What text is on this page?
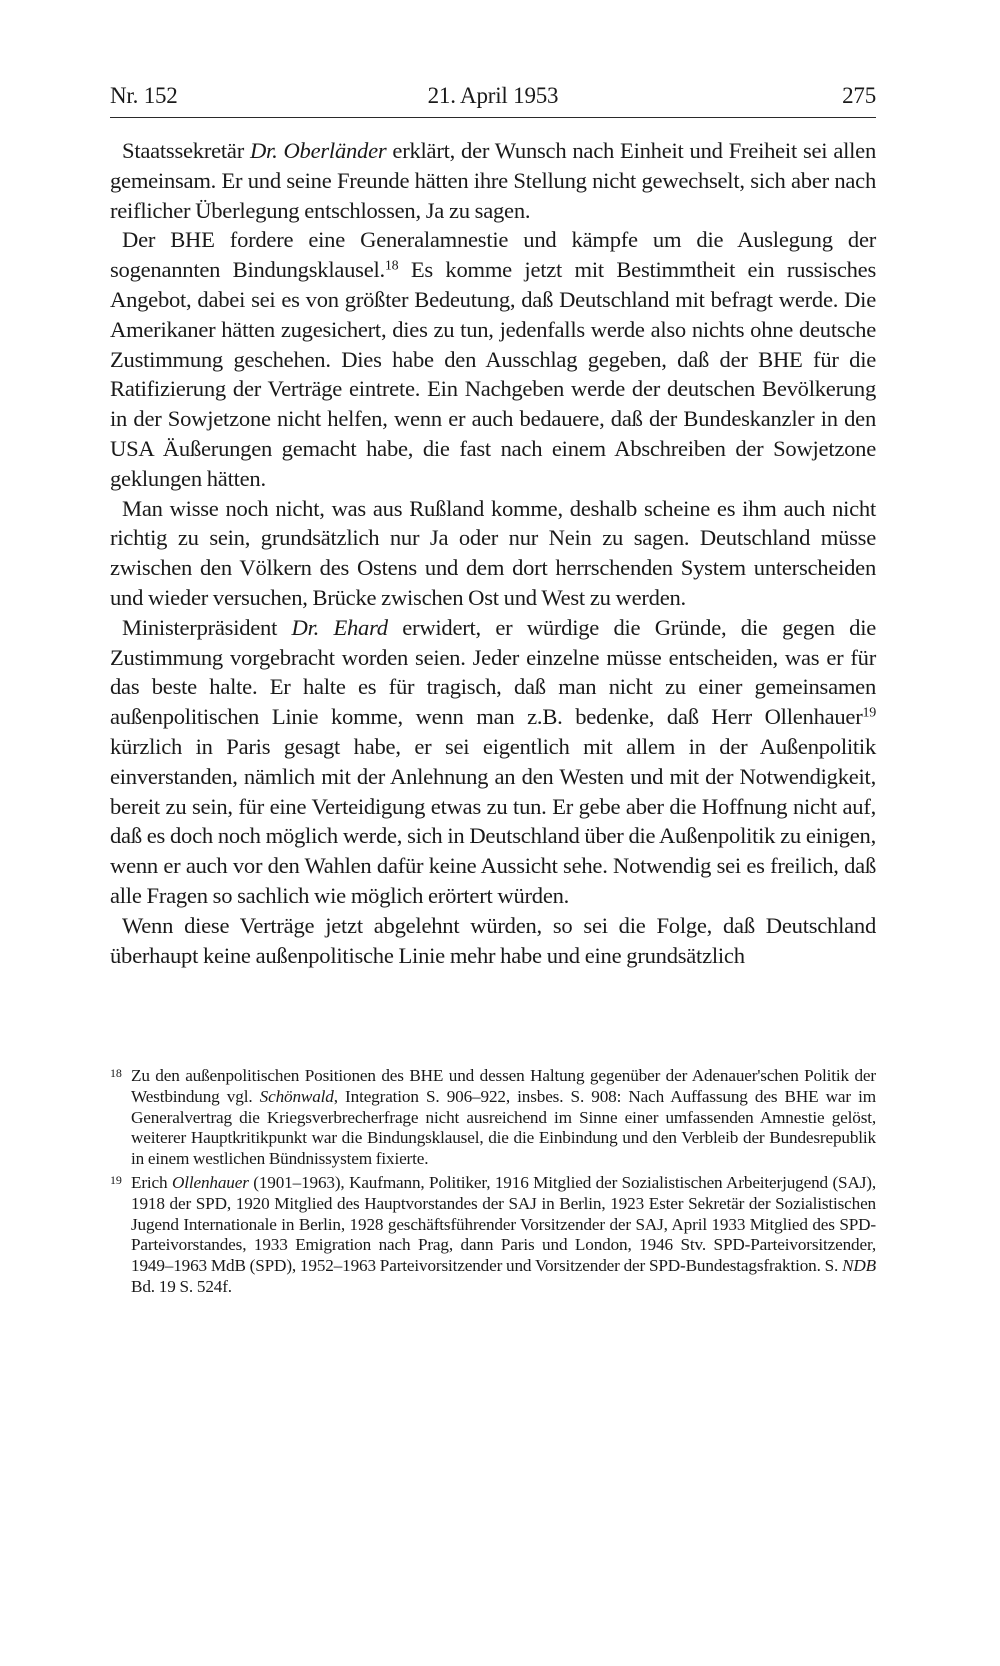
Nr. 152	21. April 1953	275

Staatssekretär Dr. Oberländer erklärt, der Wunsch nach Einheit und Freiheit sei allen gemeinsam. Er und seine Freunde hätten ihre Stellung nicht gewechselt, sich aber nach reiflicher Überlegung entschlossen, Ja zu sagen.

Der BHE fordere eine Generalamnestie und kämpfe um die Auslegung der sogenannten Bindungsklausel.$^{18}$ Es komme jetzt mit Bestimmtheit ein russisches Angebot, dabei sei es von größter Bedeutung, daß Deutschland mit befragt werde. Die Amerikaner hätten zugesichert, dies zu tun, jedenfalls werde also nichts ohne deutsche Zustimmung geschehen. Dies habe den Ausschlag gegeben, daß der BHE für die Ratifizierung der Verträge eintrete. Ein Nachgeben werde der deutschen Bevölkerung in der Sowjetzone nicht helfen, wenn er auch bedauere, daß der Bundeskanzler in den USA Äußerungen gemacht habe, die fast nach einem Abschreiben der Sowjetzone geklungen hätten.

Man wisse noch nicht, was aus Rußland komme, deshalb scheine es ihm auch nicht richtig zu sein, grundsätzlich nur Ja oder nur Nein zu sagen. Deutschland müsse zwischen den Völkern des Ostens und dem dort herrschenden System unterscheiden und wieder versuchen, Brücke zwischen Ost und West zu werden.

Ministerpräsident Dr. Ehard erwidert, er würdige die Gründe, die gegen die Zustimmung vorgebracht worden seien. Jeder einzelne müsse entscheiden, was er für das beste halte. Er halte es für tragisch, daß man nicht zu einer gemeinsamen außenpolitischen Linie komme, wenn man z.B. bedenke, daß Herr Ollenhauer$^{19}$ kürzlich in Paris gesagt habe, er sei eigentlich mit allem in der Außenpolitik einverstanden, nämlich mit der Anlehnung an den Westen und mit der Notwendigkeit, bereit zu sein, für eine Verteidigung etwas zu tun. Er gebe aber die Hoffnung nicht auf, daß es doch noch möglich werde, sich in Deutschland über die Außenpolitik zu einigen, wenn er auch vor den Wahlen dafür keine Aussicht sehe. Notwendig sei es freilich, daß alle Fragen so sachlich wie möglich erörtert würden.

Wenn diese Verträge jetzt abgelehnt würden, so sei die Folge, daß Deutschland überhaupt keine außenpolitische Linie mehr habe und eine grundsätzlich

18 Zu den außenpolitischen Positionen des BHE und dessen Haltung gegenüber der Adenauer'schen Politik der Westbindung vgl. Schönwald, Integration S. 906–922, insbes. S. 908: Nach Auffassung des BHE war im Generalvertrag die Kriegsverbrecherfrage nicht ausreichend im Sinne einer umfassenden Amnestie gelöst, weiterer Hauptkritikpunkt war die Bindungsklausel, die die Einbindung und den Verbleib der Bundesrepublik in einem westlichen Bündnissystem fixierte.
19 Erich Ollenhauer (1901–1963), Kaufmann, Politiker, 1916 Mitglied der Sozialistischen Arbeiterjugend (SAJ), 1918 der SPD, 1920 Mitglied des Hauptvorstandes der SAJ in Berlin, 1923 Ester Sekretär der Sozialistischen Jugend Internationale in Berlin, 1928 geschäftsführender Vorsitzender der SAJ, April 1933 Mitglied des SPD-Parteivorstandes, 1933 Emigration nach Prag, dann Paris und London, 1946 Stv. SPD-Parteivorsitzender, 1949–1963 MdB (SPD), 1952–1963 Parteivorsitzender und Vorsitzender der SPD-Bundestagsfraktion. S. NDB Bd. 19 S. 524f.
